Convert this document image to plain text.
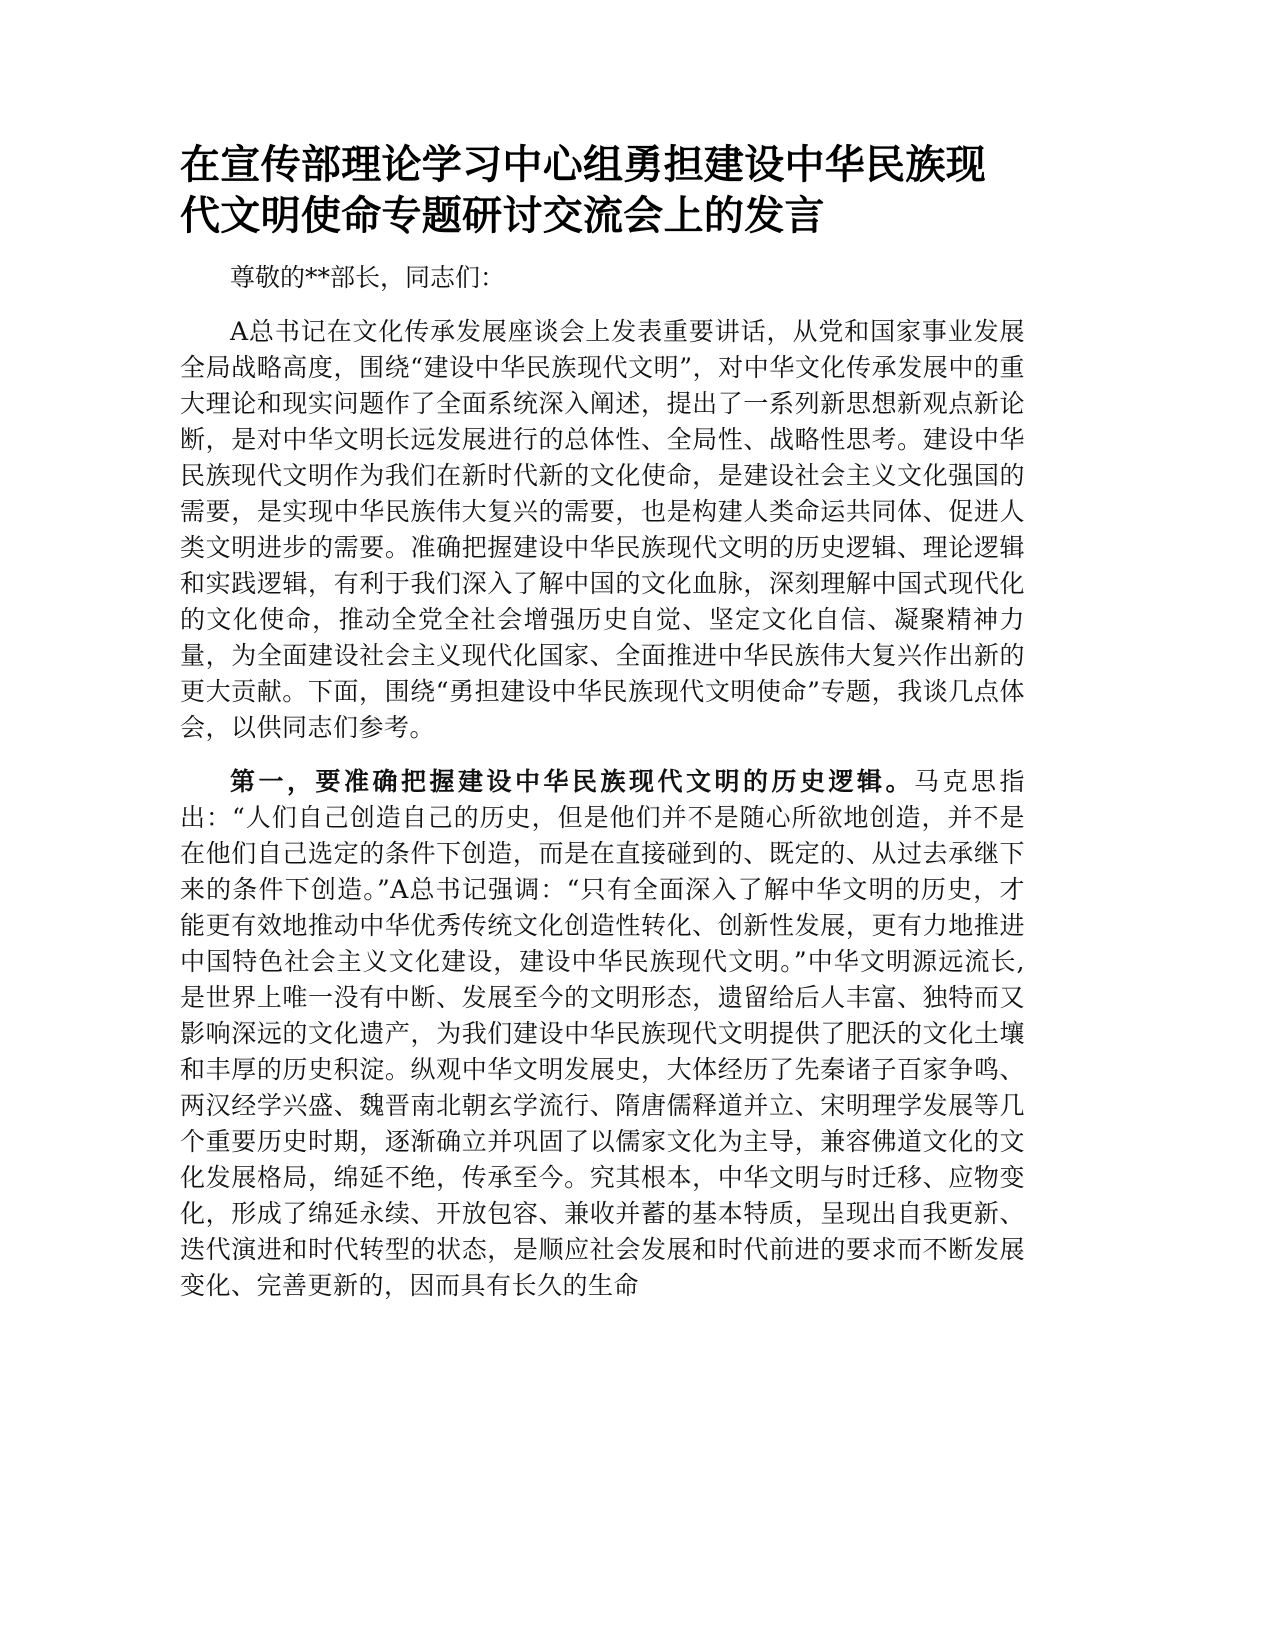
在宣传部理论学习中心组勇担建设中华民族现代文明使命专题研讨交流会上的发言

尊敬的**部长，同志们：

A总书记在文化传承发展座谈会上发表重要讲话，从党和国家事业发展全局战略高度，围绕“建设中华民族现代文明”，对中华文化传承发展中的重大理论和现实问题作了全面系统深入阐述，提出了一系列新思想新观点新论断，是对中华文明长远发展进行的总体性、全局性、战略性思考。建设中华民族现代文明作为我们在新时代新的文化使命，是建设社会主义文化强国的需要，是实现中华民族伟大复兴的需要，也是构建人类命运共同体、促进人类文明进步的需要。准确把握建设中华民族现代文明的历史逻辑、理论逻辑和实践逻辑，有利于我们深入了解中国的文化血脉，深刻理解中国式现代化的文化使命，推动全党全社会增强历史自觉、坚定文化自信、凝聚精神力量，为全面建设社会主义现代化国家、全面推进中华民族伟大复兴作出新的更大贡献。下面，围绕“勇担建设中华民族现代文明使命”专题，我谈几点体会，以供同志们参考。

第一，要准确把握建设中华民族现代文明的历史逻辑。马克思指出：“人们自己创造自己的历史，但是他们并不是随心所欲地创造，并不是在他们自己选定的条件下创造，而是在直接碰到的、既定的、从过去承继下来的条件下创造。”A总书记强调：“只有全面深入了解中华文明的历史，才能更有效地推动中华优秀传统文化创造性转化、创新性发展，更有力地推进中国特色社会主义文化建设，建设中华民族现代文明。”中华文明源远流长,是世界上唯一没有中断、发展至今的文明形态，遗留给后人丰富、独特而又影响深远的文化遗产，为我们建设中华民族现代文明提供了肥沃的文化土壤和丰厚的历史积淀。纵观中华文明发展史，大体经历了先秦诸子百家争鸣、两汉经学兴盛、魏晋南北朝玄学流行、隋唐儒释道并立、宋明理学发展等几个重要历史时期，逐渐确立并巩固了以儒家文化为主导，兼容佛道文化的文化发展格局，绵延不绝，传承至今。究其根本，中华文明与时迁移、应物变化，形成了绵延永续、开放包容、兼收并蓄的基本特质，呈现出自我更新、迭代演进和时代转型的状态，是顺应社会发展和时代前进的要求而不断发展变化、完善更新的，因而具有长久的生命
